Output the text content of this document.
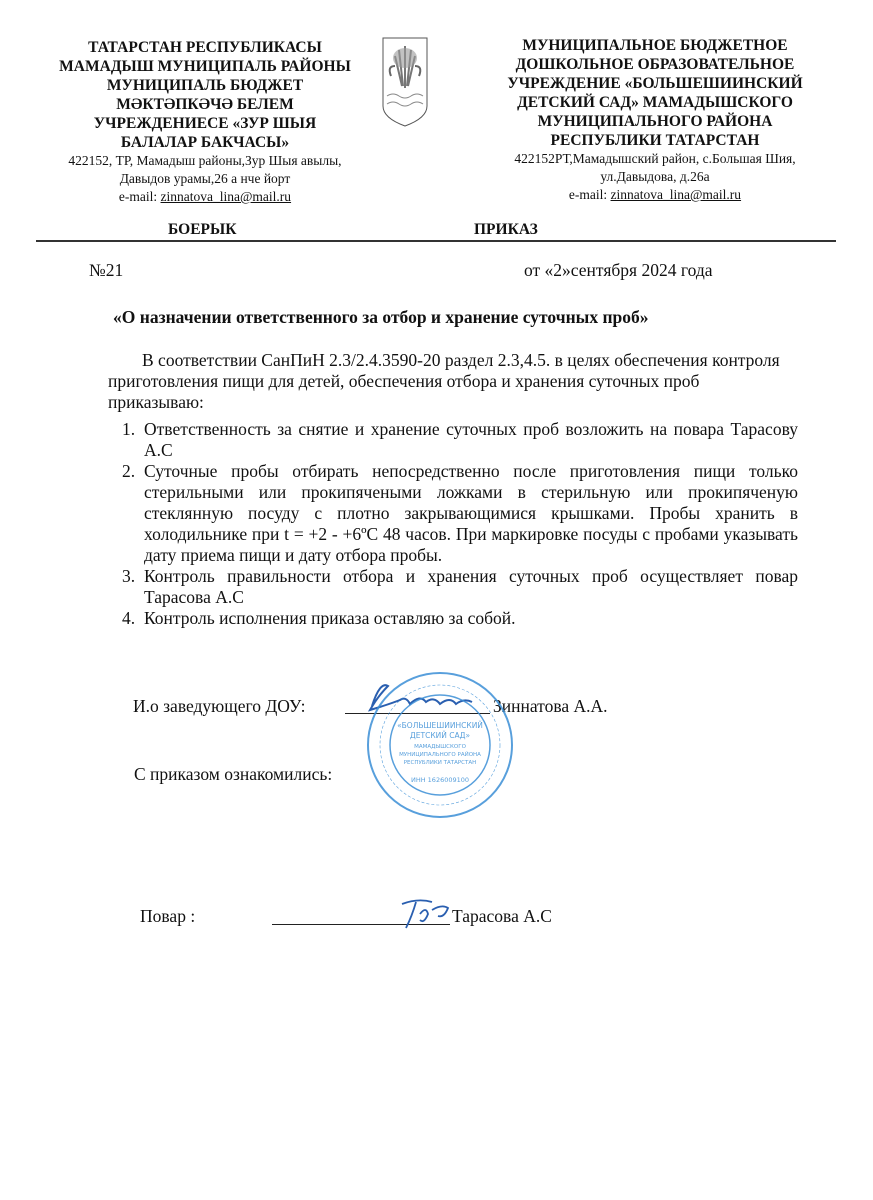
ТАТАРСТАН РЕСПУБЛИКАСЫ
МАМАДЫШ МУНИЦИПАЛЬ РАЙОНЫ
МУНИЦИПАЛЬ БЮДЖЕТ
МӘКТӘПКӘЧӘ БЕЛЕМ
УЧРЕЖДЕНИЕСЕ «ЗУР ШЫЯ
БАЛАЛАР БАКЧАСЫ»
422152, ТР, Мамадыш районы,Зур Шыя авылы,
Давыдов урамы,26 а нче йорт
e-mail: zinnatova_lina@mail.ru
МУНИЦИПАЛЬНОЕ БЮДЖЕТНОЕ
ДОШКОЛЬНОЕ ОБРАЗОВАТЕЛЬНОЕ
УЧРЕЖДЕНИЕ «БОЛЬШЕШИИНСКИЙ
ДЕТСКИЙ САД» МАМАДЫШСКОГО
МУНИЦИПАЛЬНОГО РАЙОНА
РЕСПУБЛИКИ ТАТАРСТАН
422152РТ,Мамадышский район, с.Большая Шия,
ул.Давыдова, д.26а
e-mail: zinnatova_lina@mail.ru
БОЕРЫК	ПРИКАЗ
№21	от «2»сентября 2024 года
«О назначении ответственного за отбор и хранение суточных проб»
В соответствии СанПиН 2.3/2.4.3590-20 раздел 2.3,4.5. в целях обеспечения контроля приготовления пищи для детей, обеспечения отбора и хранения суточных проб приказываю:
1. Ответственность за снятие и хранение суточных проб возложить на повара Тарасову А.С
2. Суточные пробы отбирать непосредственно после приготовления пищи только стерильными или прокипячеными ложками в стерильную или прокипяченую стеклянную посуду с плотно закрывающимися крышками. Пробы хранить в холодильнике при t = +2 - +6ºC 48 часов. При маркировке посуды с пробами указывать дату приема пищи и дату отбора пробы.
3. Контроль правильности отбора и хранения суточных проб осуществляет повар Тарасова А.С
4. Контроль исполнения приказа оставляю за собой.
И.о заведующего ДОУ:	Зиннатова А.А.
«БОЛЬШЕШИИНСКИЙ
ДЕТСКИЙ САД»
МАМАДЫШСКОГО
МУНИЦИПАЛЬНОГО РАЙОНА
РЕСПУБЛИКИ ТАТАРСТАН
ИНН 1626009100
С приказом ознакомились:
Повар :	Тарасова А.С
